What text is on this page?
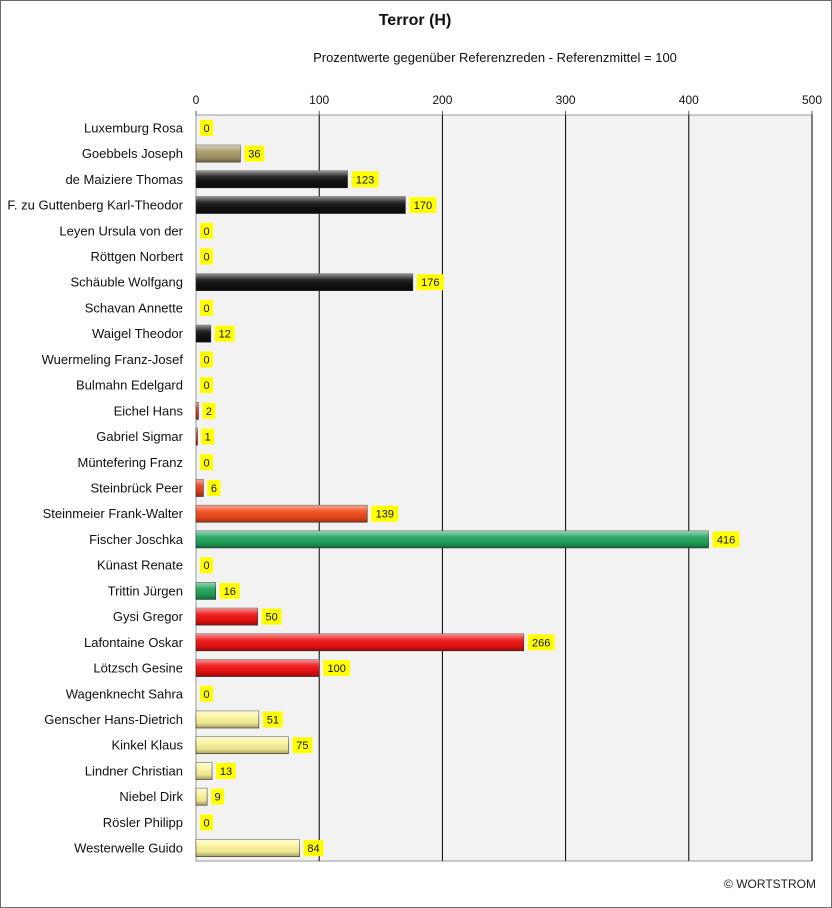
Terror (H)
Prozentwerte gegenüber Referenzreden - Referenzmittel = 100
0	100	200	300	400	500
Luxemburg Rosa 0
Goebbels Joseph	36
de Maiziere Thomas	123
F. zu Guttenberg Karl-Theodor	170
Leyen Ursula von der 0
Röttgen Norbert 0
Schäuble Wolfgang	176
Schavan Annette 0
Waigel Theodor	12
Wuermeling Franz-Josef 0
Bulmahn Edelgard 0
Eichel Hans 2
Gabriel Sigmar 1
Müntefering Franz 0
Steinbrück Peer	6
Steinmeier Frank-Walter	139
Fischer Joschka	416
Künast Renate 0
Trittin Jürgen	16
Gysi Gregor	50
Lafontaine Oskar	266
Lötzsch Gesine	100
Wagenknecht Sahra 0
Genscher Hans-Dietrich	51
Kinkel Klaus	75
Lindner Christian	13
Niebel Dirk	9
Rösler Philipp 0
Westerwelle Guido	84
© WORTSTROM
